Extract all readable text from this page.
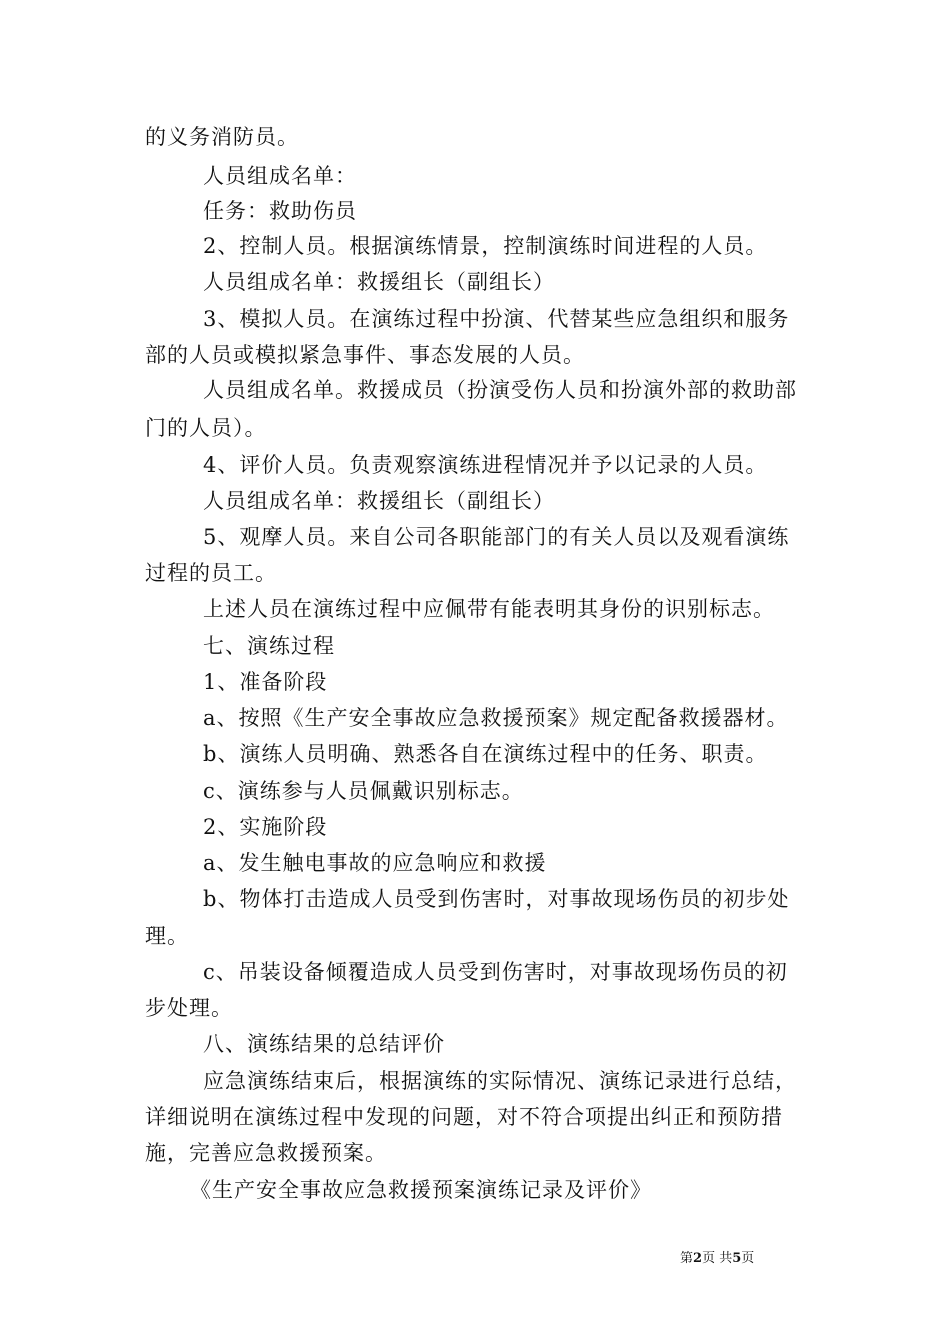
的义务消防员。
人员组成名单：
任务：救助伤员
2、控制人员。根据演练情景，控制演练时间进程的人员。
人员组成名单：救援组长（副组长）
3、模拟人员。在演练过程中扮演、代替某些应急组织和服务
部的人员或模拟紧急事件、事态发展的人员。
人员组成名单。救援成员（扮演受伤人员和扮演外部的救助部
门的人员）。
4、评价人员。负责观察演练进程情况并予以记录的人员。
人员组成名单：救援组长（副组长）
5、观摩人员。来自公司各职能部门的有关人员以及观看演练
过程的员工。
上述人员在演练过程中应佩带有能表明其身份的识别标志。
七、演练过程
1、准备阶段
a、按照《生产安全事故应急救援预案》规定配备救援器材。
b、演练人员明确、熟悉各自在演练过程中的任务、职责。
c、演练参与人员佩戴识别标志。
2、实施阶段
a、发生触电事故的应急响应和救援
b、物体打击造成人员受到伤害时，对事故现场伤员的初步处
理。
c、吊装设备倾覆造成人员受到伤害时，对事故现场伤员的初
步处理。
八、演练结果的总结评价
应急演练结束后，根据演练的实际情况、演练记录进行总结，
详细说明在演练过程中发现的问题，对不符合项提出纠正和预防措
施，完善应急救援预案。
《生产安全事故应急救援预案演练记录及评价》
第2页 共5页
